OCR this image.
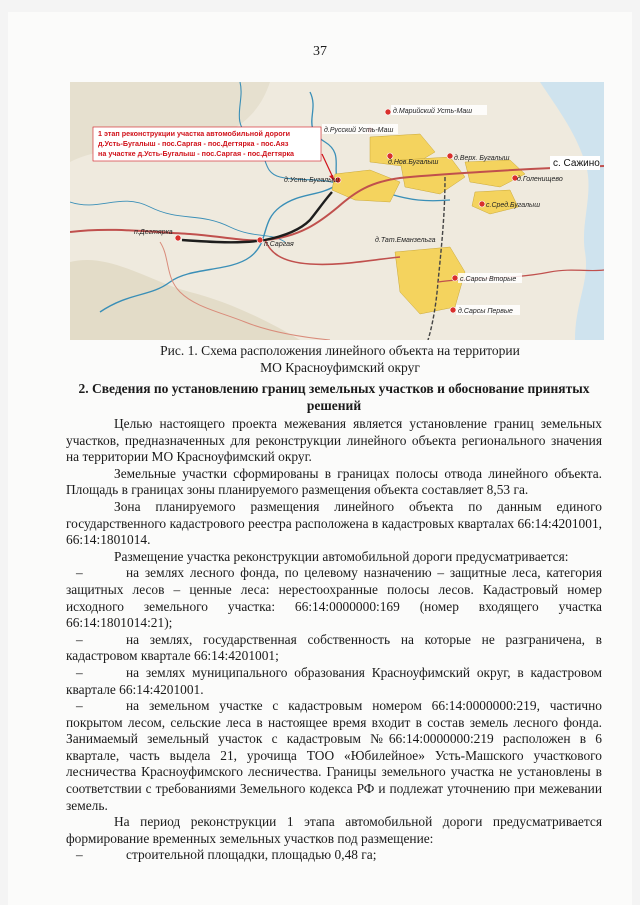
37
д.Марийский Усть-Маш
д.Русский Усть-Маш
д.Нов.Бугалыш
д.Верх. Бугалыш	с. Сажино
д.Голенищево
д.Усть Бугалыш
с.Сред.Бугалыш
п.Дегтярка
п.Саргая
д.Тат.Еманзельга
с.Сарсы Вторые
д.Сарсы Первые
1 этап реконструкции участка автомобильной дороги
д.Усть-Бугалыш - пос.Саргая - пос.Дегтярка - пос.Аяз
на участке д.Усть-Бугалыш - пос.Саргая - пос.Дегтярка
Рис. 1. Схема расположения линейного объекта на территории
МО Красноуфимский округ
2. Сведения по установлению границ земельных участков и обоснование принятых
решений

Целью настоящего проекта межевания является установление границ земельных участков, предназначенных для реконструкции линейного объекта регионального значения на территории МО Красноуфимский округ.

Земельные участки сформированы в границах полосы отвода линейного объекта. Площадь в границах зоны планируемого размещения объекта составляет 8,53 га.

Зона планируемого размещения линейного объекта по данным единого государственного кадастрового реестра расположена в кадастровых кварталах 66:14:4201001, 66:14:1801014.

Размещение участка реконструкции автомобильной дороги предусматривается:

–	на землях лесного фонда, по целевому назначению – защитные леса, категория защитных лесов – ценные леса: нерестоохранные полосы лесов. Кадастровый номер исходного земельного участка: 66:14:0000000:169 (номер входящего участка 66:14:1801014:21);

–	на землях, государственная собственность на которые не разграничена, в кадастровом квартале 66:14:4201001;

–	на землях муниципального образования Красноуфимский округ, в кадастровом квартале 66:14:4201001.

–	на земельном участке с кадастровым номером 66:14:0000000:219, частично покрытом лесом, сельские леса в настоящее время входит в состав земель лесного фонда. Занимаемый земельный участок с кадастровым №66:14:0000000:219 расположен в 6 квартале, часть выдела 21, урочища ТОО «Юбилейное» Усть-Машского участкового лесничества Красноуфимского лесничества. Границы земельного участка не установлены в соответствии с требованиями Земельного кодекса РФ и подлежат уточнению при межевании земель.

На период реконструкции 1 этапа автомобильной дороги предусматривается формирование временных земельных участков под размещение:

–	строительной площадки, площадью 0,48 га;
